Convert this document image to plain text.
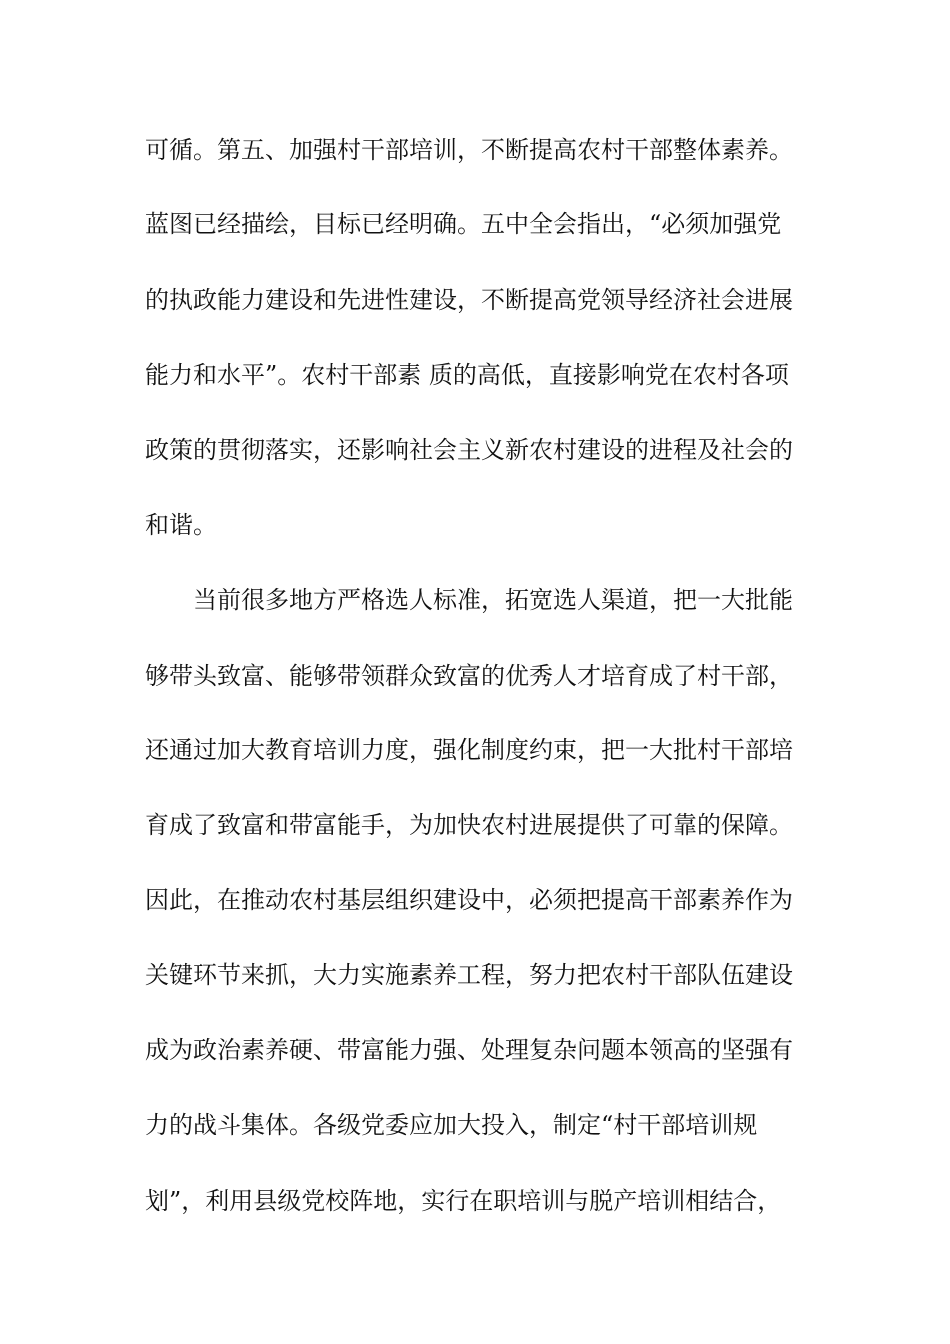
可循。第五、加强村干部培训，不断提高农村干部整体素养。
蓝图已经描绘，目标已经明确。五中全会指出，“必须加强党
的执政能力建设和先进性建设，不断提高党领导经济社会进展
能力和水平”。农村干部素 质的高低，直接影响党在农村各项
政策的贯彻落实，还影响社会主义新农村建设的进程及社会的
和谐。
当前很多地方严格选人标准，拓宽选人渠道，把一大批能
够带头致富、能够带领群众致富的优秀人才培育成了村干部，
还通过加大教育培训力度，强化制度约束，把一大批村干部培
育成了致富和带富能手，为加快农村进展提供了可靠的保障。
因此，在推动农村基层组织建设中，必须把提高干部素养作为
关键环节来抓，大力实施素养工程，努力把农村干部队伍建设
成为政治素养硬、带富能力强、处理复杂问题本领高的坚强有
力的战斗集体。各级党委应加大投入，制定“村干部培训规
划”，利用县级党校阵地，实行在职培训与脱产培训相结合，
